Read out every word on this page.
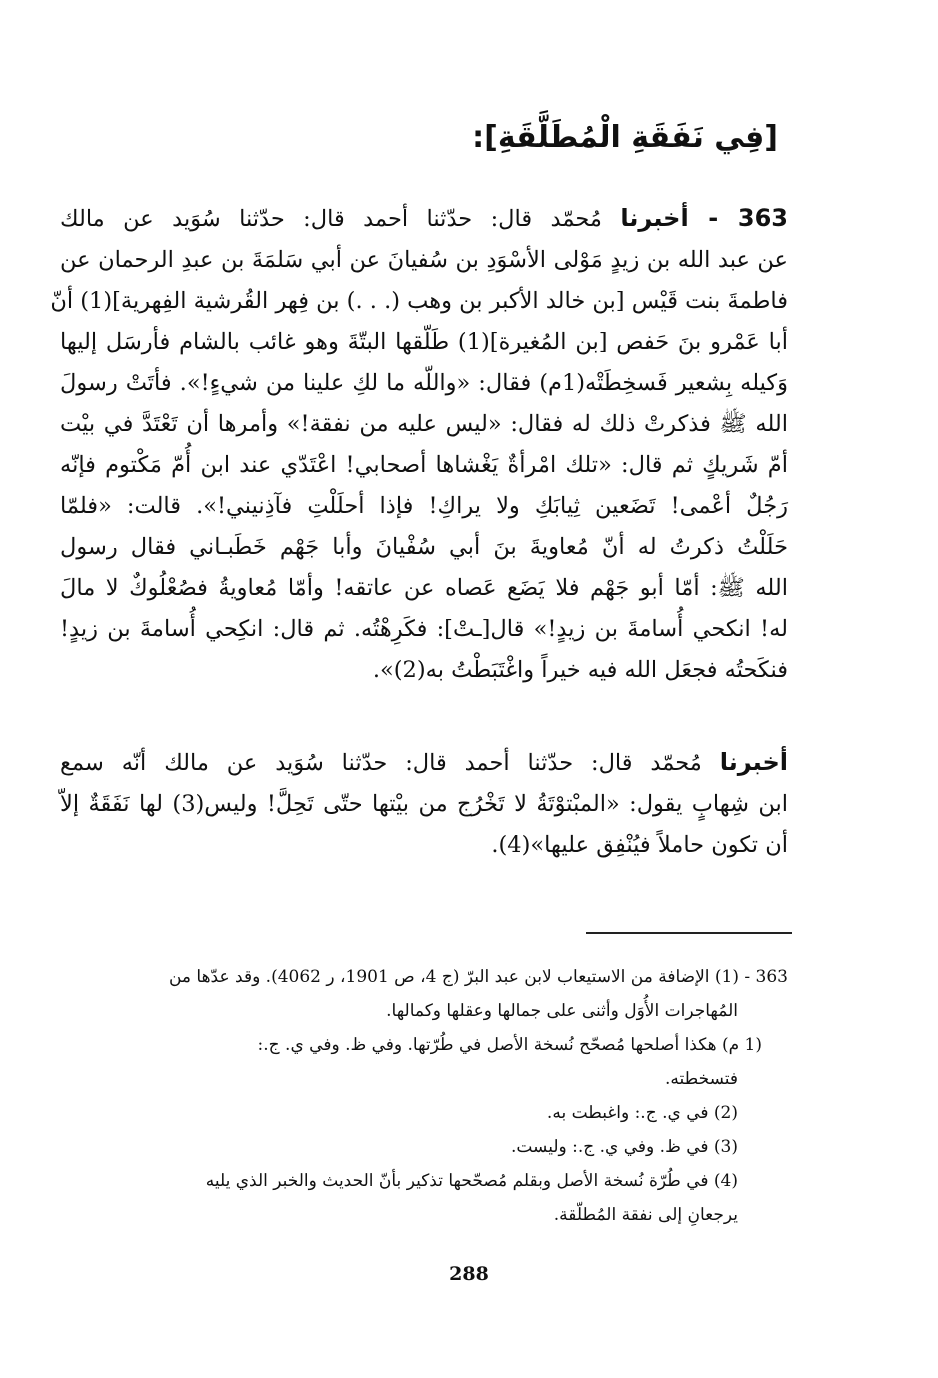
[فِي نَفَقَةِ الْمُطَلَّقَةِ]:
363 - أخبرنا مُحمّد قال: حدّثنا أحمد قال: حدّثنا سُوَيد عن مالك
عن عبد الله بن زيدٍ مَوْلى الأسْوَدِ بن سُفيانَ عن أبي سَلمَةَ بن عبدِ الرحمان عن
فاطمةَ بنت قَيْس [بن خالد الأكبر بن وهب (. . .) بن فِهر القُرشية الفِهرية](1) أنّ
أبا عَمْرو بنَ حَفص [بن المُغيرة](1) طَلّقها البتّةَ وهو غائب بالشام فأرسَل إليها
وَكيله بِشعير فَسخِطَتْه(1م) فقال: «واللّه ما لكِ علينا من شيءٍ!». فأتَتْ رسولَ
الله ﷺ فذكرتْ ذلك له فقال: «ليس عليه من نفقة!» وأمرها أن تَعْتَدَّ في بيْت
أمّ شَريكٍ ثم قال: «تلك امْرأةٌ يَغْشاها أصحابي! اعْتَدّي عند ابن أُمّ مَكْتوم فإنّه
رَجُلٌ أعْمى! تَضَعين ثِيابَكِ ولا يراكِ! فإذا أحلَلْتِ فآذِنيني!». قالت: «فلمّا
حَلَلْتُ ذكرتُ له أنّ مُعاويةَ بنَ أبي سُفْيانَ وأبا جَهْم خَطَبـاني فقال رسول
الله ﷺ: أمّا أبو جَهْم فلا يَضَع عَصاه عن عاتقه! وأمّا مُعاويةُ فصُعْلُوكٌ لا مالَ
له! انكحي أُسامةَ بن زيدٍ!» قال[ـتْ]: فكَرِهْتُه. ثم قال: انكِحي أُسامةَ بن زيدٍ!
فنكَحتُه فجعَل الله فيه خيراً واغْتَبَطْتُ به(2)».
أخبرنا مُحمّد قال: حدّثنا أحمد قال: حدّثنا سُوَيد عن مالك أنّه سمع
ابن شِهابٍ يقول: «المبْتوْتَةُ لا تَخْرُج من بيْتها حتّى تَحِلَّ! وليس(3) لها نَفَقَةٌ إلاّ
أن تكون حاملاً فيُنْفِق عليها»(4).
363 - (1) الإضافة من الاستيعاب لابن عبد البرّ (ج 4، ص 1901، ر 4062). وقد عدّها من
المُهاجرات الأُوَل وأثنى على جمالها وعقلها وكمالها.
(1 م) هكذا أصلحها مُصحّح نُسخة الأصل في طُرّتها. وفي ظ. وفي ي. ج.:
فتسخطته.
(2) في ي. ج.: واغبطت به.
(3) في ظ. وفي ي. ج.: وليست.
(4) في طُرّة نُسخة الأصل وبقلم مُصحّحها تذكير بأنّ الحديث والخبر الذي يليه
يرجعانِ إلى نفقة المُطلّقة.
288
